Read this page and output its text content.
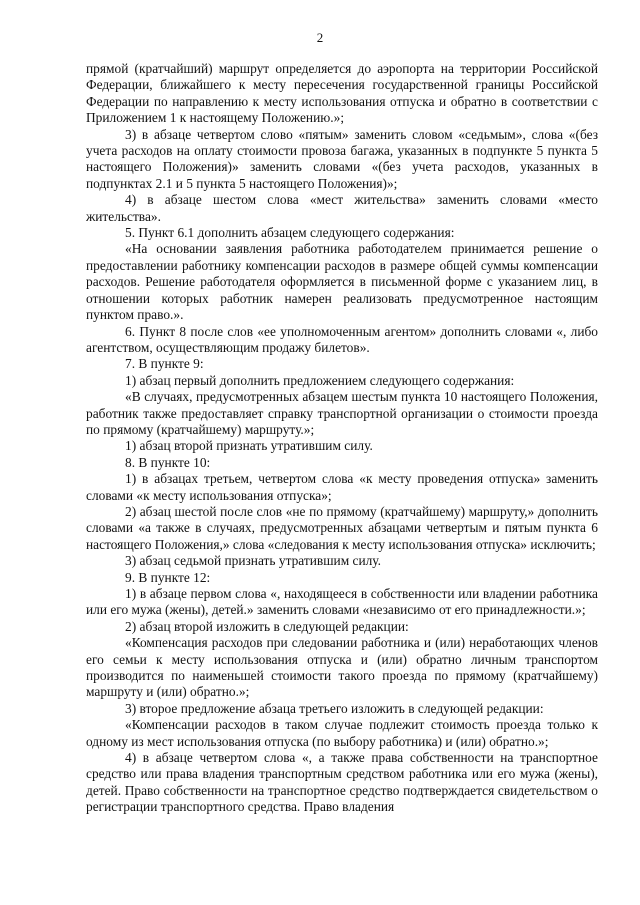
2

прямой (кратчайший) маршрут определяется до аэропорта на территории Российской Федерации, ближайшего к месту пересечения государственной границы Российской Федерации по направлению к месту использования отпуска и обратно в соответствии с Приложением 1 к настоящему Положению.»;

3) в абзаце четвертом слово «пятым» заменить словом «седьмым», слова «(без учета расходов на оплату стоимости провоза багажа, указанных в подпункте 5 пункта 5 настоящего Положения)» заменить словами «(без учета расходов, указанных в подпунктах 2.1 и 5 пункта 5 настоящего Положения)»;

4) в абзаце шестом слова «мест жительства» заменить словами «место жительства».

5. Пункт 6.1 дополнить абзацем следующего содержания:

«На основании заявления работника работодателем принимается решение о предоставлении работнику компенсации расходов в размере общей суммы компенсации расходов. Решение работодателя оформляется в письменной форме с указанием лиц, в отношении которых работник намерен реализовать предусмотренное настоящим пунктом право.».

6. Пункт 8 после слов «ее уполномоченным агентом» дополнить словами «, либо агентством, осуществляющим продажу билетов».

7. В пункте 9:

1) абзац первый дополнить предложением следующего содержания:

«В случаях, предусмотренных абзацем шестым пункта 10 настоящего Положения, работник также предоставляет справку транспортной организации о стоимости проезда по прямому (кратчайшему) маршруту.»;

1) абзац второй признать утратившим силу.

8. В пункте 10:

1) в абзацах третьем, четвертом слова «к месту проведения отпуска» заменить словами «к месту использования отпуска»;

2) абзац шестой после слов «не по прямому (кратчайшему) маршруту,» дополнить словами «а также в случаях, предусмотренных абзацами четвертым и пятым пункта 6 настоящего Положения,» слова «следования к месту использования отпуска» исключить;

3) абзац седьмой признать утратившим силу.

9. В пункте 12:

1) в абзаце первом слова «, находящееся в собственности или владении работника или его мужа (жены), детей.» заменить словами «независимо от его принадлежности.»;

2) абзац второй изложить в следующей редакции:

«Компенсация расходов при следовании работника и (или) неработающих членов его семьи к месту использования отпуска и (или) обратно личным транспортом производится по наименьшей стоимости такого проезда по прямому (кратчайшему) маршруту и (или) обратно.»;

3) второе предложение абзаца третьего изложить в следующей редакции:

«Компенсации расходов в таком случае подлежит стоимость проезда только к одному из мест использования отпуска (по выбору работника) и (или) обратно.»;

4) в абзаце четвертом слова «, а также права собственности на транспортное средство или права владения транспортным средством работника или его мужа (жены), детей. Право собственности на транспортное средство подтверждается свидетельством о регистрации транспортного средства. Право владения
